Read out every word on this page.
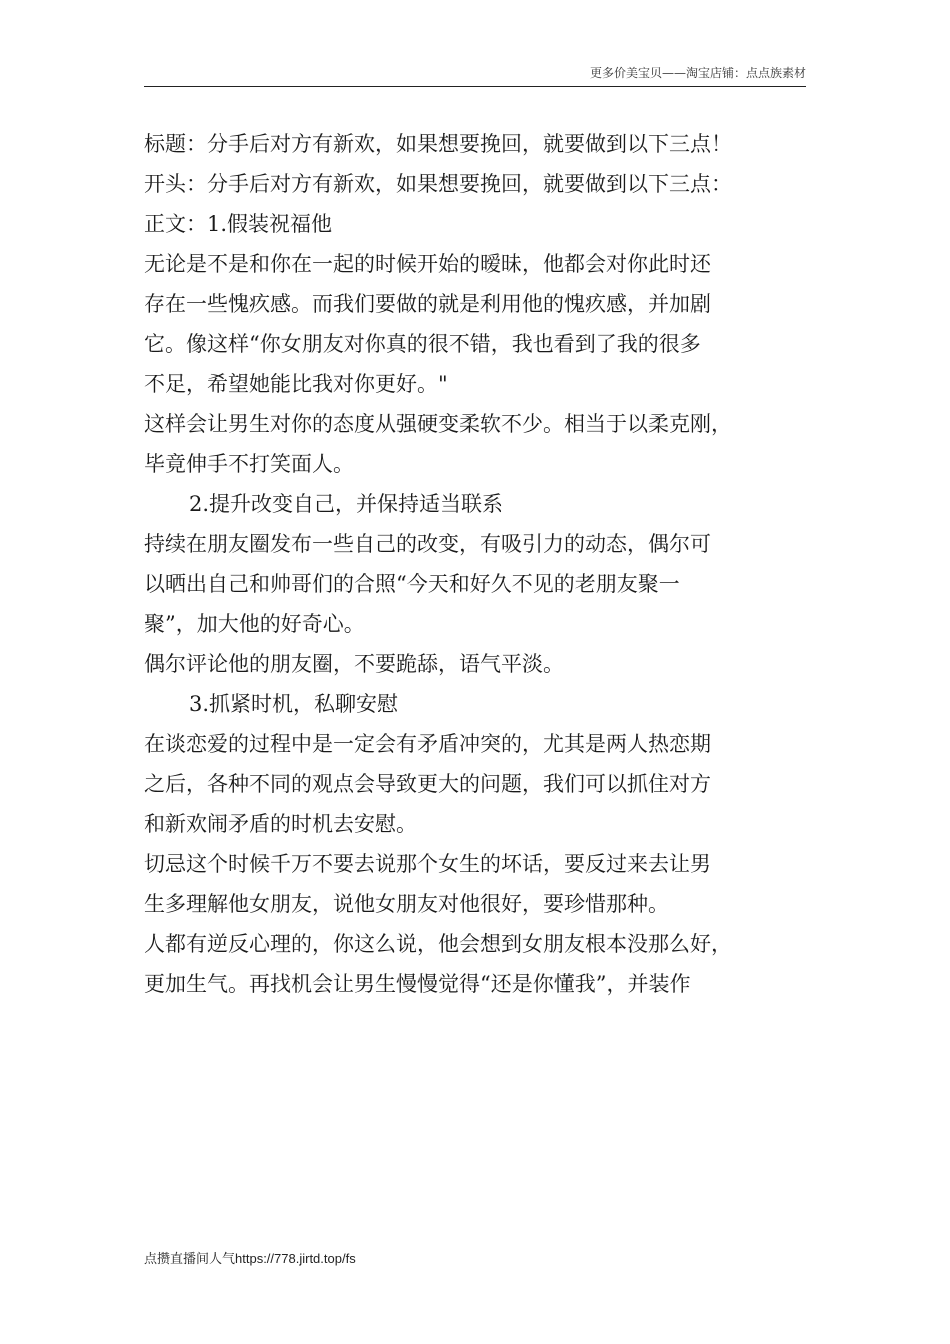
更多价美宝贝——淘宝店铺：点点族素材
标题：分手后对方有新欢，如果想要挽回，就要做到以下三点！
开头：分手后对方有新欢，如果想要挽回，就要做到以下三点：
正文：1.假装祝福他
无论是不是和你在一起的时候开始的暧昧，他都会对你此时还
存在一些愧疚感。而我们要做的就是利用他的愧疚感，并加剧
它。像这样“你女朋友对你真的很不错，我也看到了我的很多
不足，希望她能比我对你更好。"
这样会让男生对你的态度从强硬变柔软不少。相当于以柔克刚，
毕竟伸手不打笑面人。
2.提升改变自己，并保持适当联系
持续在朋友圈发布一些自己的改变，有吸引力的动态，偶尔可
以晒出自己和帅哥们的合照“今天和好久不见的老朋友聚一
聚”，加大他的好奇心。
偶尔评论他的朋友圈，不要跪舔，语气平淡。
3.抓紧时机，私聊安慰
在谈恋爱的过程中是一定会有矛盾冲突的，尤其是两人热恋期
之后，各种不同的观点会导致更大的问题，我们可以抓住对方
和新欢闹矛盾的时机去安慰。
切忌这个时候千万不要去说那个女生的坏话，要反过来去让男
生多理解他女朋友，说他女朋友对他很好，要珍惜那种。
人都有逆反心理的，你这么说，他会想到女朋友根本没那么好，
更加生气。再找机会让男生慢慢觉得“还是你懂我”，并装作
点攒直播间人气https://778.jirtd.top/fs
